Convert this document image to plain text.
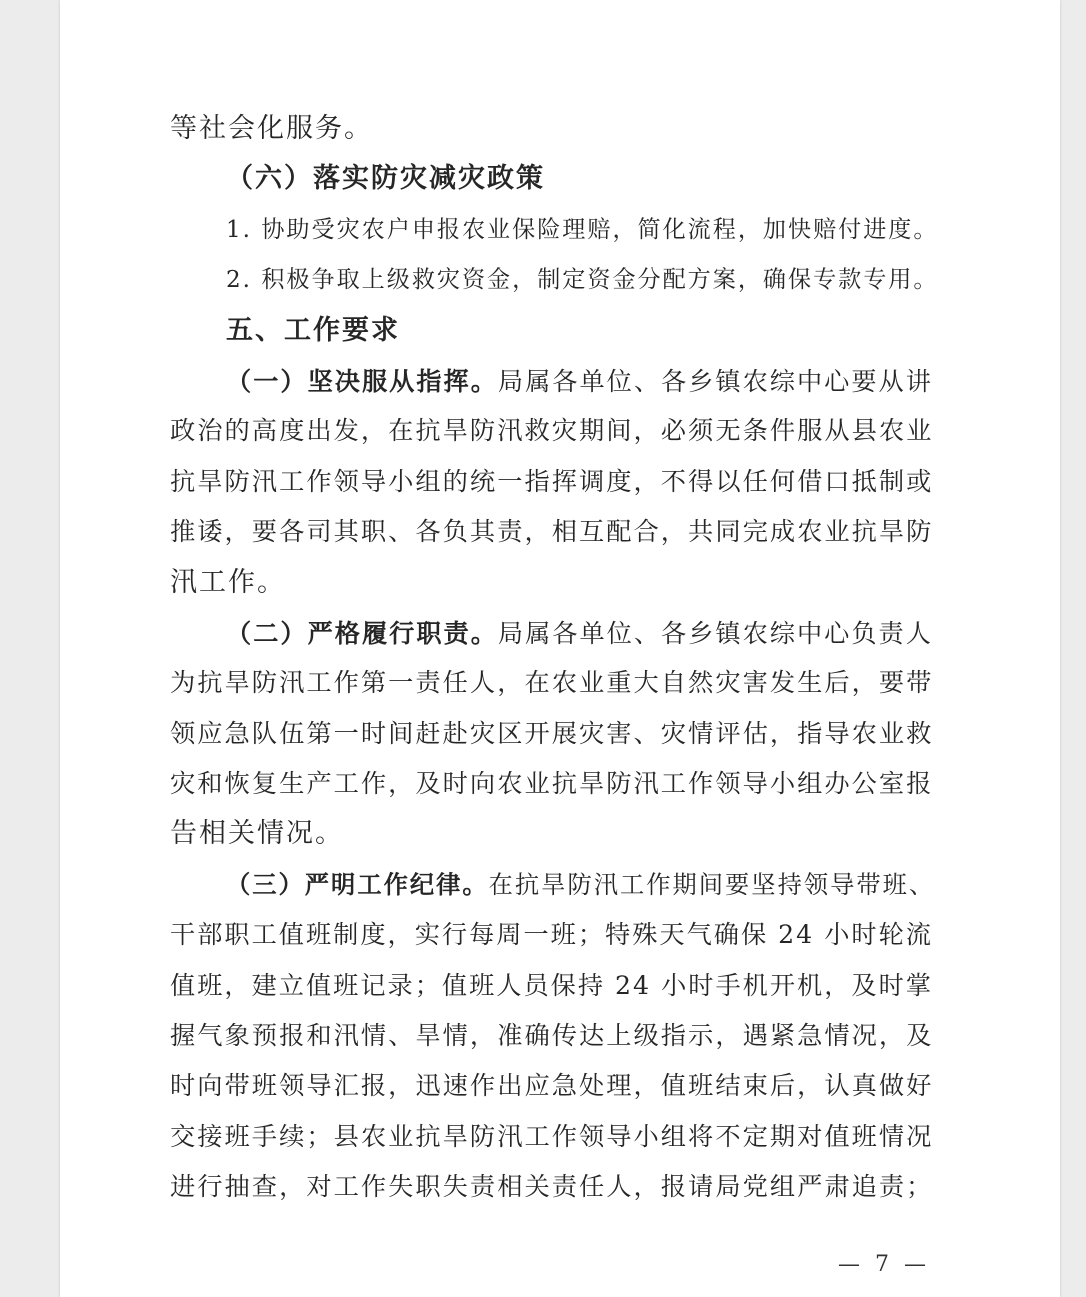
等社会化服务。
（六）落实防灾减灾政策
1. 协助受灾农户申报农业保险理赔，简化流程，加快赔付进度。
2. 积极争取上级救灾资金，制定资金分配方案，确保专款专用。
五、工作要求
（一）坚决服从指挥。局属各单位、各乡镇农综中心要从讲
政治的高度出发，在抗旱防汛救灾期间，必须无条件服从县农业
抗旱防汛工作领导小组的统一指挥调度，不得以任何借口抵制或
推诿，要各司其职、各负其责，相互配合，共同完成农业抗旱防
汛工作。
（二）严格履行职责。局属各单位、各乡镇农综中心负责人
为抗旱防汛工作第一责任人，在农业重大自然灾害发生后，要带
领应急队伍第一时间赶赴灾区开展灾害、灾情评估，指导农业救
灾和恢复生产工作，及时向农业抗旱防汛工作领导小组办公室报
告相关情况。
（三）严明工作纪律。在抗旱防汛工作期间要坚持领导带班、
干部职工值班制度，实行每周一班；特殊天气确保 24 小时轮流
值班，建立值班记录；值班人员保持 24 小时手机开机，及时掌
握气象预报和汛情、旱情，准确传达上级指示，遇紧急情况，及
时向带班领导汇报，迅速作出应急处理，值班结束后，认真做好
交接班手续；县农业抗旱防汛工作领导小组将不定期对值班情况
进行抽查，对工作失职失责相关责任人，报请局党组严肃追责；
— 7 —
